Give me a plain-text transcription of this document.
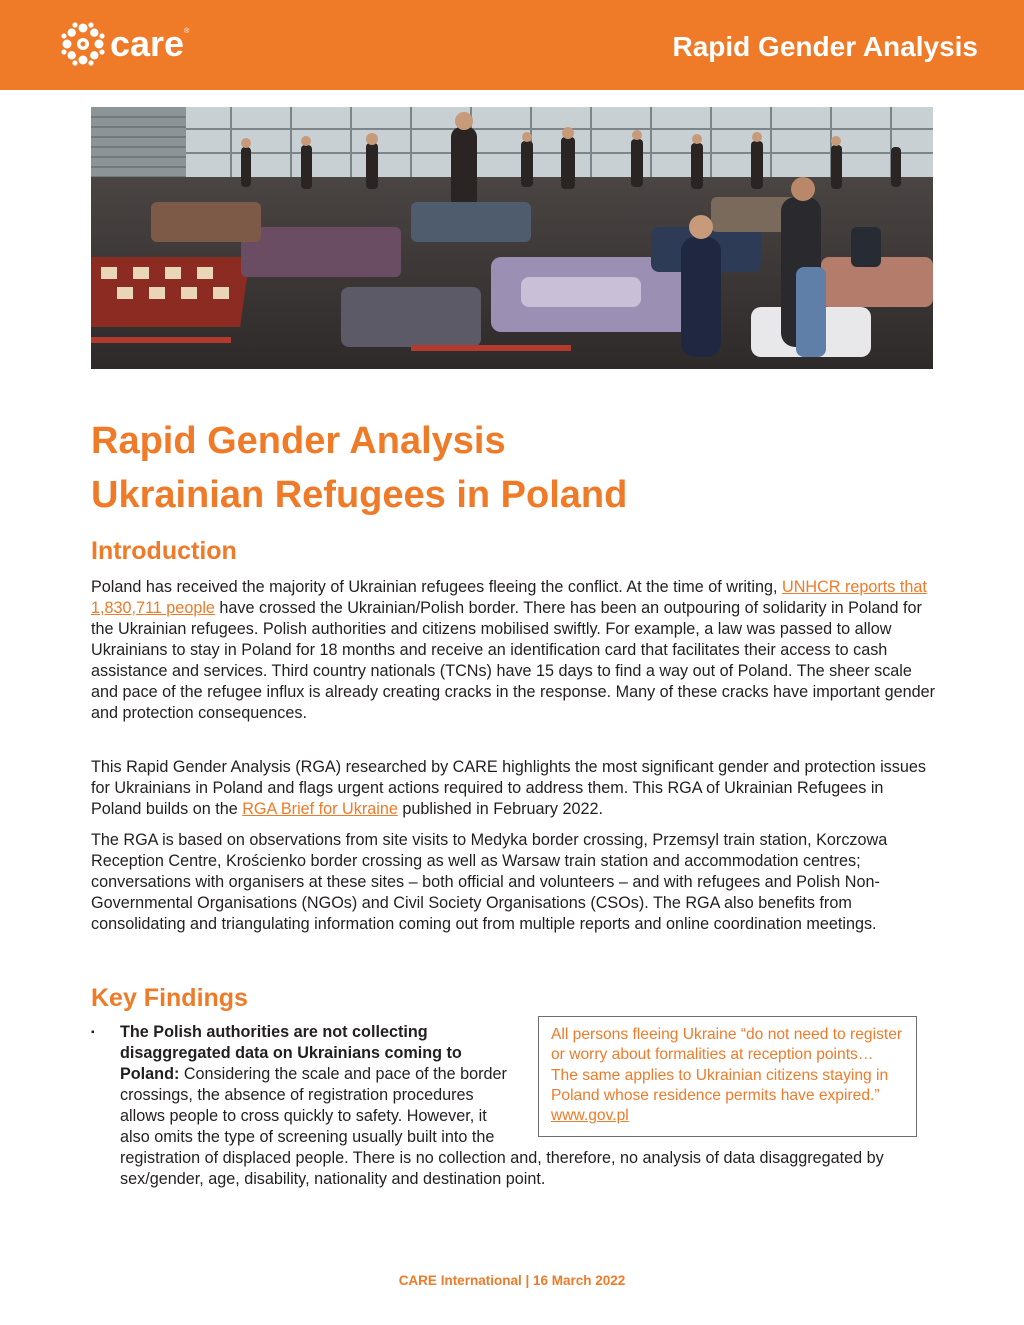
care ®	Rapid Gender Analysis
Rapid Gender Analysis
Ukrainian Refugees in Poland
Introduction

Poland has received the majority of Ukrainian refugees fleeing the conflict. At the time of writing, UNHCR reports that 1,830,711 people have crossed the Ukrainian/Polish border. There has been an outpouring of solidarity in Poland for the Ukrainian refugees. Polish authorities and citizens mobilised swiftly. For example, a law was passed to allow Ukrainians to stay in Poland for 18 months and receive an identification card that facilitates their access to cash assistance and services. Third country nationals (TCNs) have 15 days to find a way out of Poland. The sheer scale and pace of the refugee influx is already creating cracks in the response. Many of these cracks have important gender and protection consequences.

This Rapid Gender Analysis (RGA) researched by CARE highlights the most significant gender and protection issues for Ukrainians in Poland and flags urgent actions required to address them. This RGA of Ukrainian Refugees in Poland builds on the RGA Brief for Ukraine published in February 2022.

The RGA is based on observations from site visits to Medyka border crossing, Przemsyl train station, Korczowa Reception Centre, Krościenko border crossing as well as Warsaw train station and accommodation centres; conversations with organisers at these sites – both official and volunteers – and with refugees and Polish Non-Governmental Organisations (NGOs) and Civil Society Organisations (CSOs). The RGA also benefits from consolidating and triangulating information coming out from multiple reports and online coordination meetings.

Key Findings
▪ The Polish authorities are not collecting disaggregated data on Ukrainians coming to Poland: Considering the scale and pace of the border crossings, the absence of registration procedures allows people to cross quickly to safety. However, it also omits the type of screening usually built into the registration of displaced people. There is no collection and, therefore, no analysis of data disaggregated by sex/gender, age, disability, nationality and destination point.
All persons fleeing Ukraine “do not need to register or worry about formalities at reception points… The same applies to Ukrainian citizens staying in Poland whose residence permits have expired.” www.gov.pl
CARE International | 16 March 2022
